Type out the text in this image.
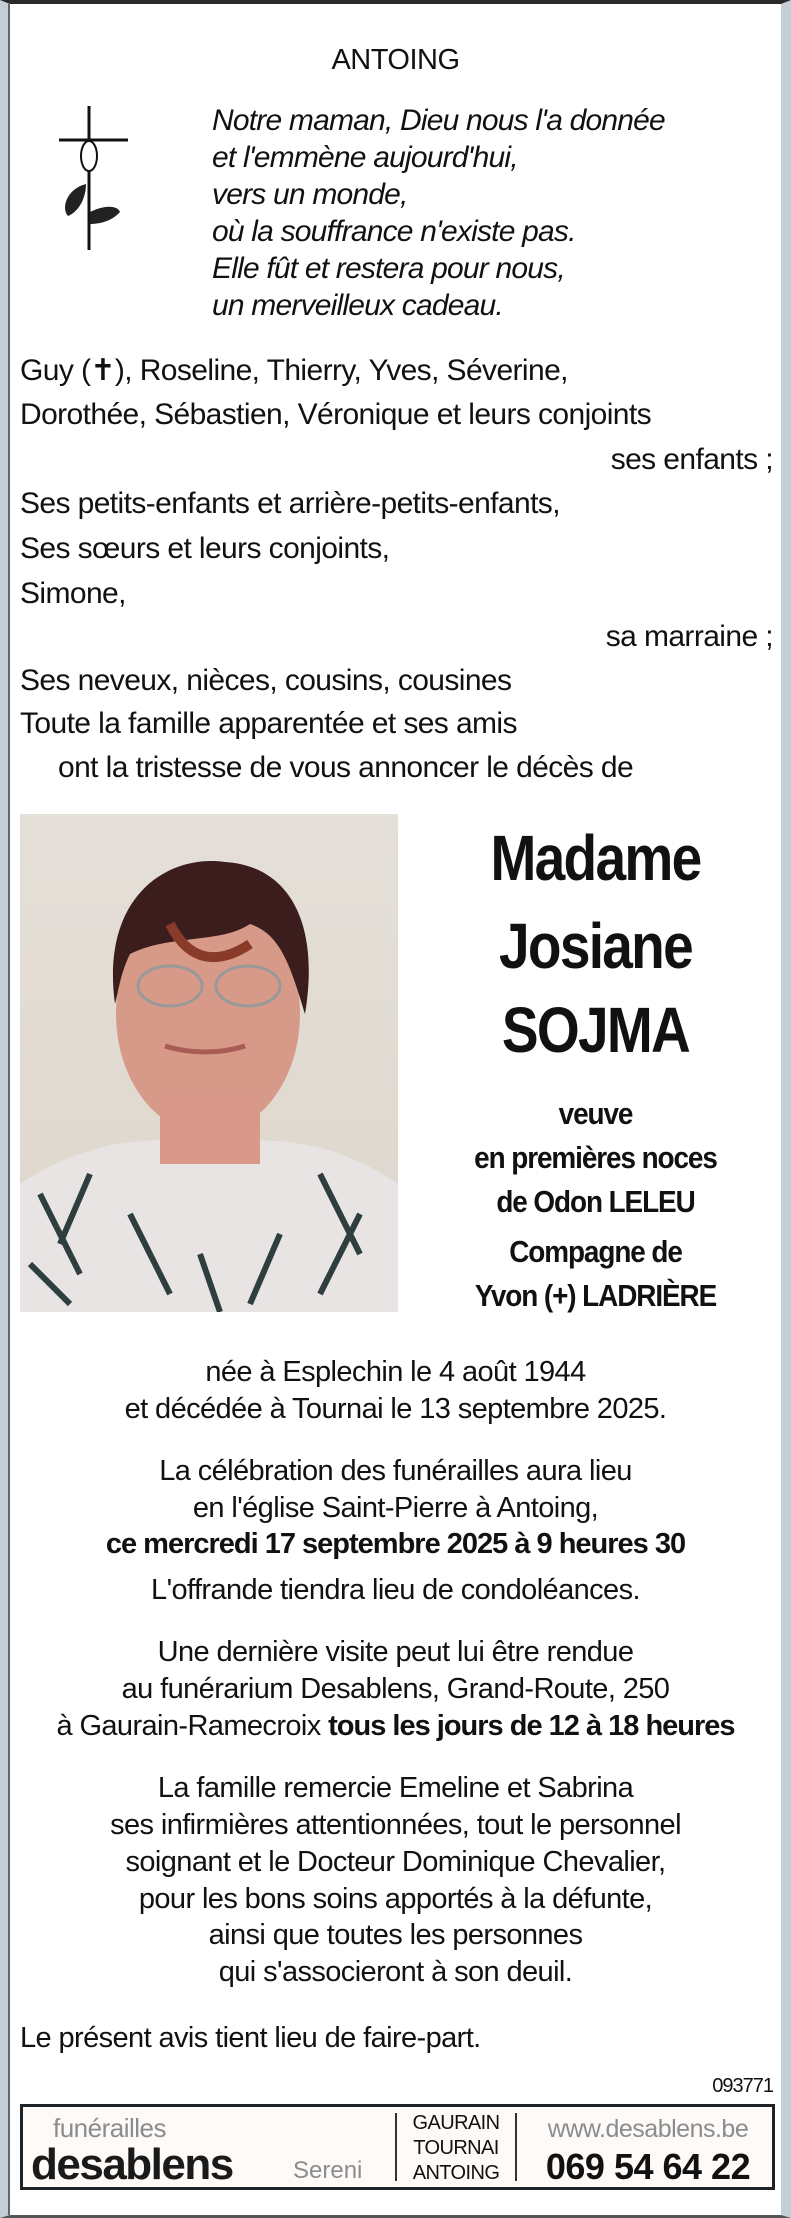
ANTOING
Notre maman, Dieu nous l'a donnée
et l'emmène aujourd'hui,
vers un monde,
où la souffrance n'existe pas.
Elle fût et restera pour nous,
un merveilleux cadeau.
Guy (✝), Roseline, Thierry, Yves, Séverine,
Dorothée, Sébastien, Véronique et leurs conjoints
ses enfants ;
Ses petits-enfants et arrière-petits-enfants,
Ses sœurs et leurs conjoints,
Simone,
sa marraine ;
Ses neveux, nièces, cousins, cousines
Toute la famille apparentée et ses amis
ont la tristesse de vous annoncer le décès de
Madame
Josiane
SOJMA
veuve
en premières noces
de Odon LELEU
Compagne de
Yvon (+) LADRIÈRE
née à Esplechin le 4 août 1944
et décédée à Tournai le 13 septembre 2025.
La célébration des funérailles aura lieu
en l'église Saint-Pierre à Antoing,
ce mercredi 17 septembre 2025 à 9 heures 30
L'offrande tiendra lieu de condoléances.
Une dernière visite peut lui être rendue
au funérarium Desablens, Grand-Route, 250
à Gaurain-Ramecroix tous les jours de 12 à 18 heures
La famille remercie Emeline et Sabrina
ses infirmières attentionnées, tout le personnel
soignant et le Docteur Dominique Chevalier,
pour les bons soins apportés à la défunte,
ainsi que toutes les personnes
qui s'associeront à son deuil.
Le présent avis tient lieu de faire-part.
093771
funérailles
desablens	Sereni
GAURAIN
TOURNAI
ANTOING
www.desablens.be
069 54 64 22
